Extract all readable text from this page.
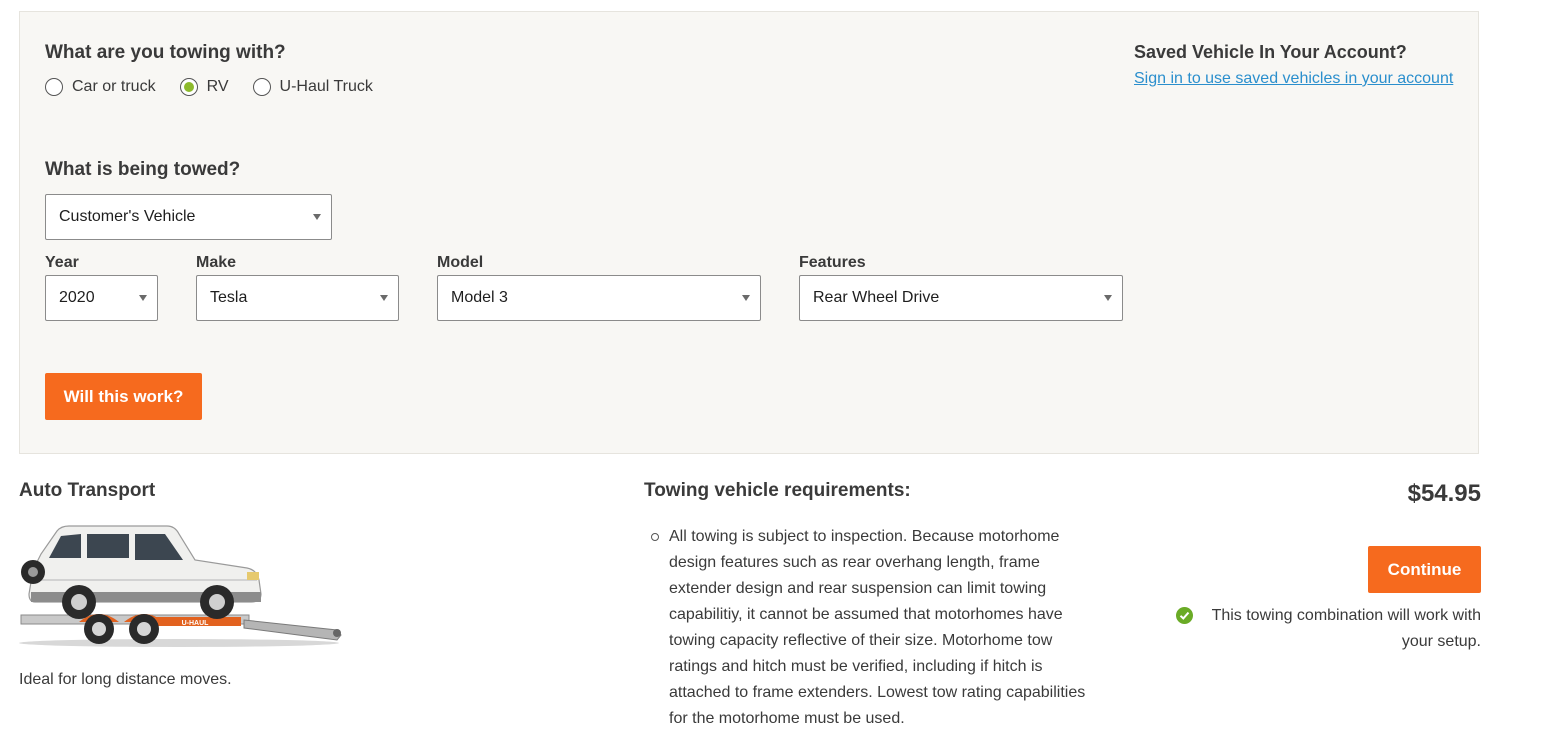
What are you towing with?
Car or truck	RV	U-Haul Truck
Saved Vehicle In Your Account?
Sign in to use saved vehicles in your account
What is being towed?
Customer's Vehicle
Year
2020
Make
Tesla
Model
Model 3
Features
Rear Wheel Drive
Will this work?
Auto Transport
U-HAUL
Ideal for long distance moves.
Towing vehicle requirements:
All towing is subject to inspection. Because motorhome design features such as rear overhang length, frame extender design and rear suspension can limit towing capabilitiy, it cannot be assumed that motorhomes have towing capacity reflective of their size. Motorhome tow ratings and hitch must be verified, including if hitch is attached to frame extenders. Lowest tow rating capabilities for the motorhome must be used.
$54.95
Continue
This towing combination will work with your setup.
